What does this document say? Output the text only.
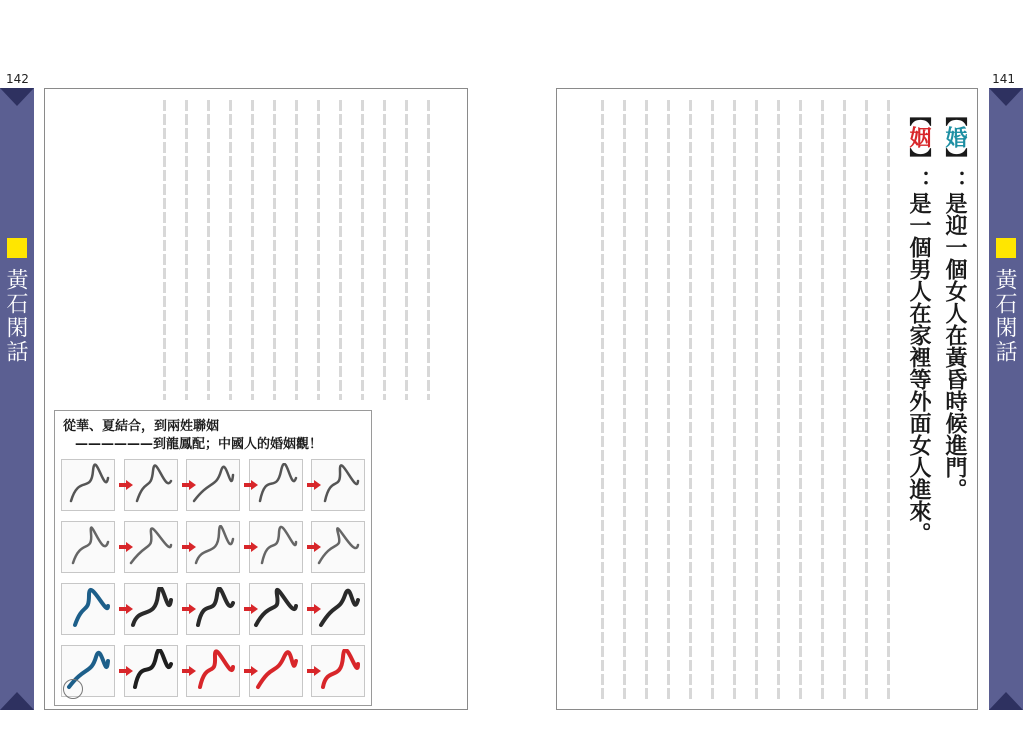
142	141
黃石閑話	黃石閑話
【婚】：是迎一個女人在黃昏時候進門。
【姻】：是一個男人在家裡等外面女人進來。
從華、夏結合，到兩姓聯姻
——————到龍鳳配；中國人的婚姻觀！
